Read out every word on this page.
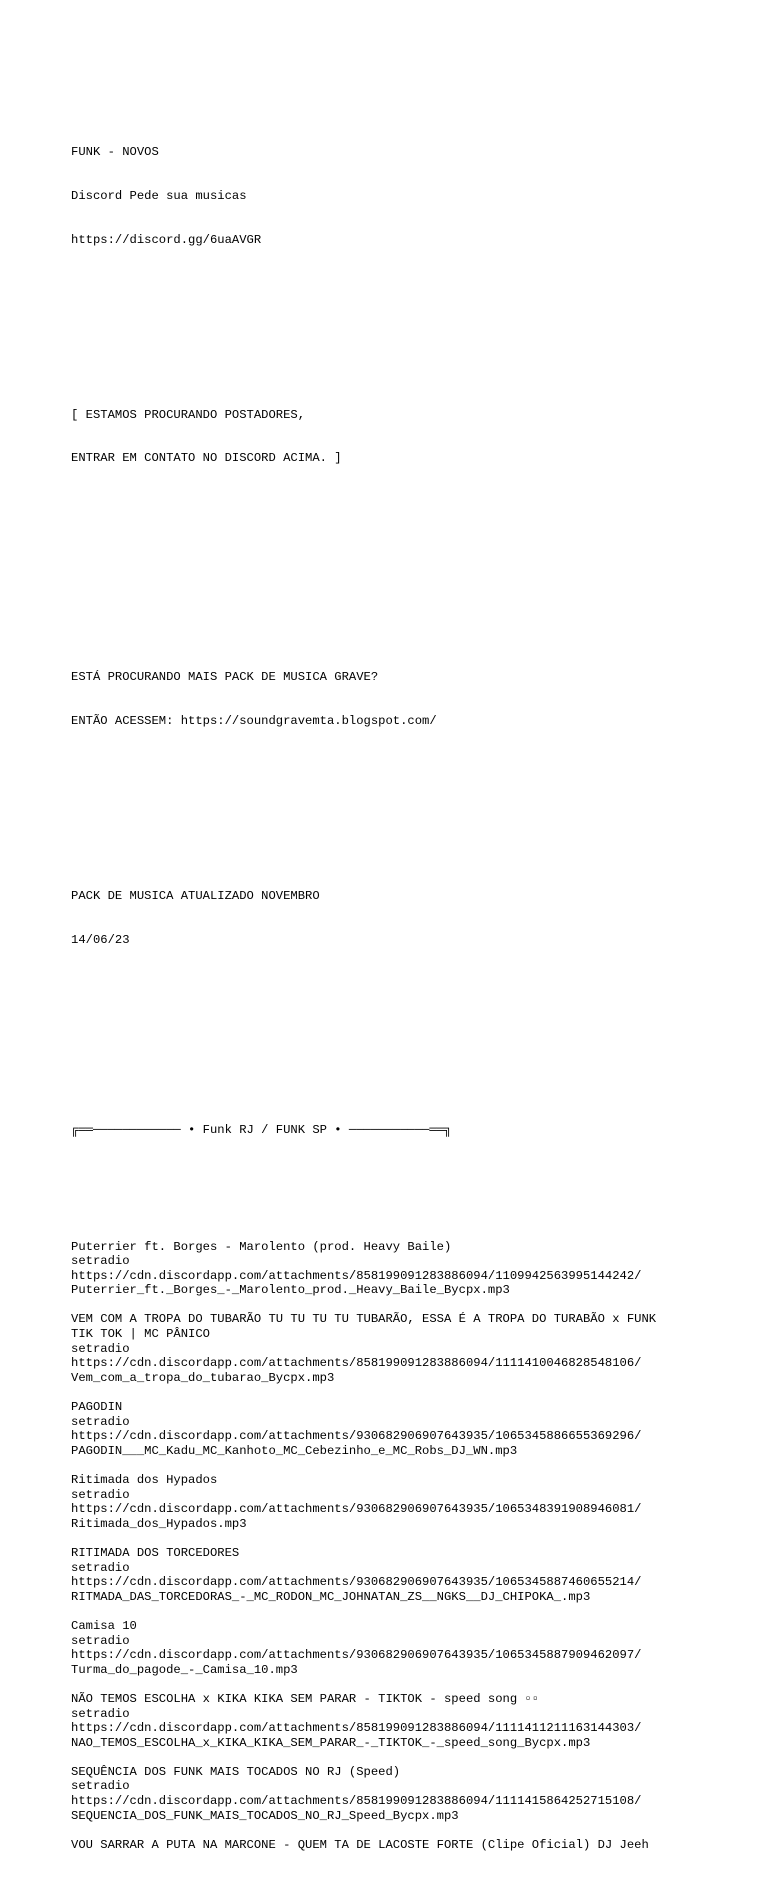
FUNK - NOVOS

Discord Pede sua musicas

https://discord.gg/6uaAVGR

[ ESTAMOS PROCURANDO POSTADORES,

ENTRAR EM CONTATO NO DISCORD ACIMA. ]

ESTÁ PROCURANDO MAIS PACK DE MUSICA GRAVE?

ENTÃO ACESSEM: https://soundgravemta.blogspot.com/

PACK DE MUSICA ATUALIZADO NOVEMBRO

14/06/23

╔══──────────── • Funk RJ / FUNK SP • ───────────══╗

Puterrier ft. Borges - Marolento (prod. Heavy Baile)
setradio
https://cdn.discordapp.com/attachments/858199091283886094/1109942563995144242/
Puterrier_ft._Borges_-_Marolento_prod._Heavy_Baile_Bycpx.mp3
VEM COM A TROPA DO TUBARÃO TU TU TU TU TUBARÃO, ESSA É A TROPA DO TURABÃO x FUNK
TIK TOK | MC PÂNICO
setradio
https://cdn.discordapp.com/attachments/858199091283886094/1111410046828548106/
Vem_com_a_tropa_do_tubarao_Bycpx.mp3
PAGODIN
setradio
https://cdn.discordapp.com/attachments/930682906907643935/1065345886655369296/
PAGODIN___MC_Kadu_MC_Kanhoto_MC_Cebezinho_e_MC_Robs_DJ_WN.mp3
Ritimada dos Hypados
setradio
https://cdn.discordapp.com/attachments/930682906907643935/1065348391908946081/
Ritimada_dos_Hypados.mp3
RITIMADA DOS TORCEDORES
setradio
https://cdn.discordapp.com/attachments/930682906907643935/1065345887460655214/
RITMADA_DAS_TORCEDORAS_-_MC_RODON_MC_JOHNATAN_ZS__NGKS__DJ_CHIPOKA_.mp3
Camisa 10
setradio
https://cdn.discordapp.com/attachments/930682906907643935/1065345887909462097/
Turma_do_pagode_-_Camisa_10.mp3
NÃO TEMOS ESCOLHA x KIKA KIKA SEM PARAR - TIKTOK - speed song ▫▫
setradio
https://cdn.discordapp.com/attachments/858199091283886094/1111411211163144303/
NAO_TEMOS_ESCOLHA_x_KIKA_KIKA_SEM_PARAR_-_TIKTOK_-_speed_song_Bycpx.mp3
SEQUÊNCIA DOS FUNK MAIS TOCADOS NO RJ (Speed)
setradio
https://cdn.discordapp.com/attachments/858199091283886094/1111415864252715108/
SEQUENCIA_DOS_FUNK_MAIS_TOCADOS_NO_RJ_Speed_Bycpx.mp3
VOU SARRAR A PUTA NA MARCONE - QUEM TA DE LACOSTE FORTE (Clipe Oficial) DJ Jeeh
